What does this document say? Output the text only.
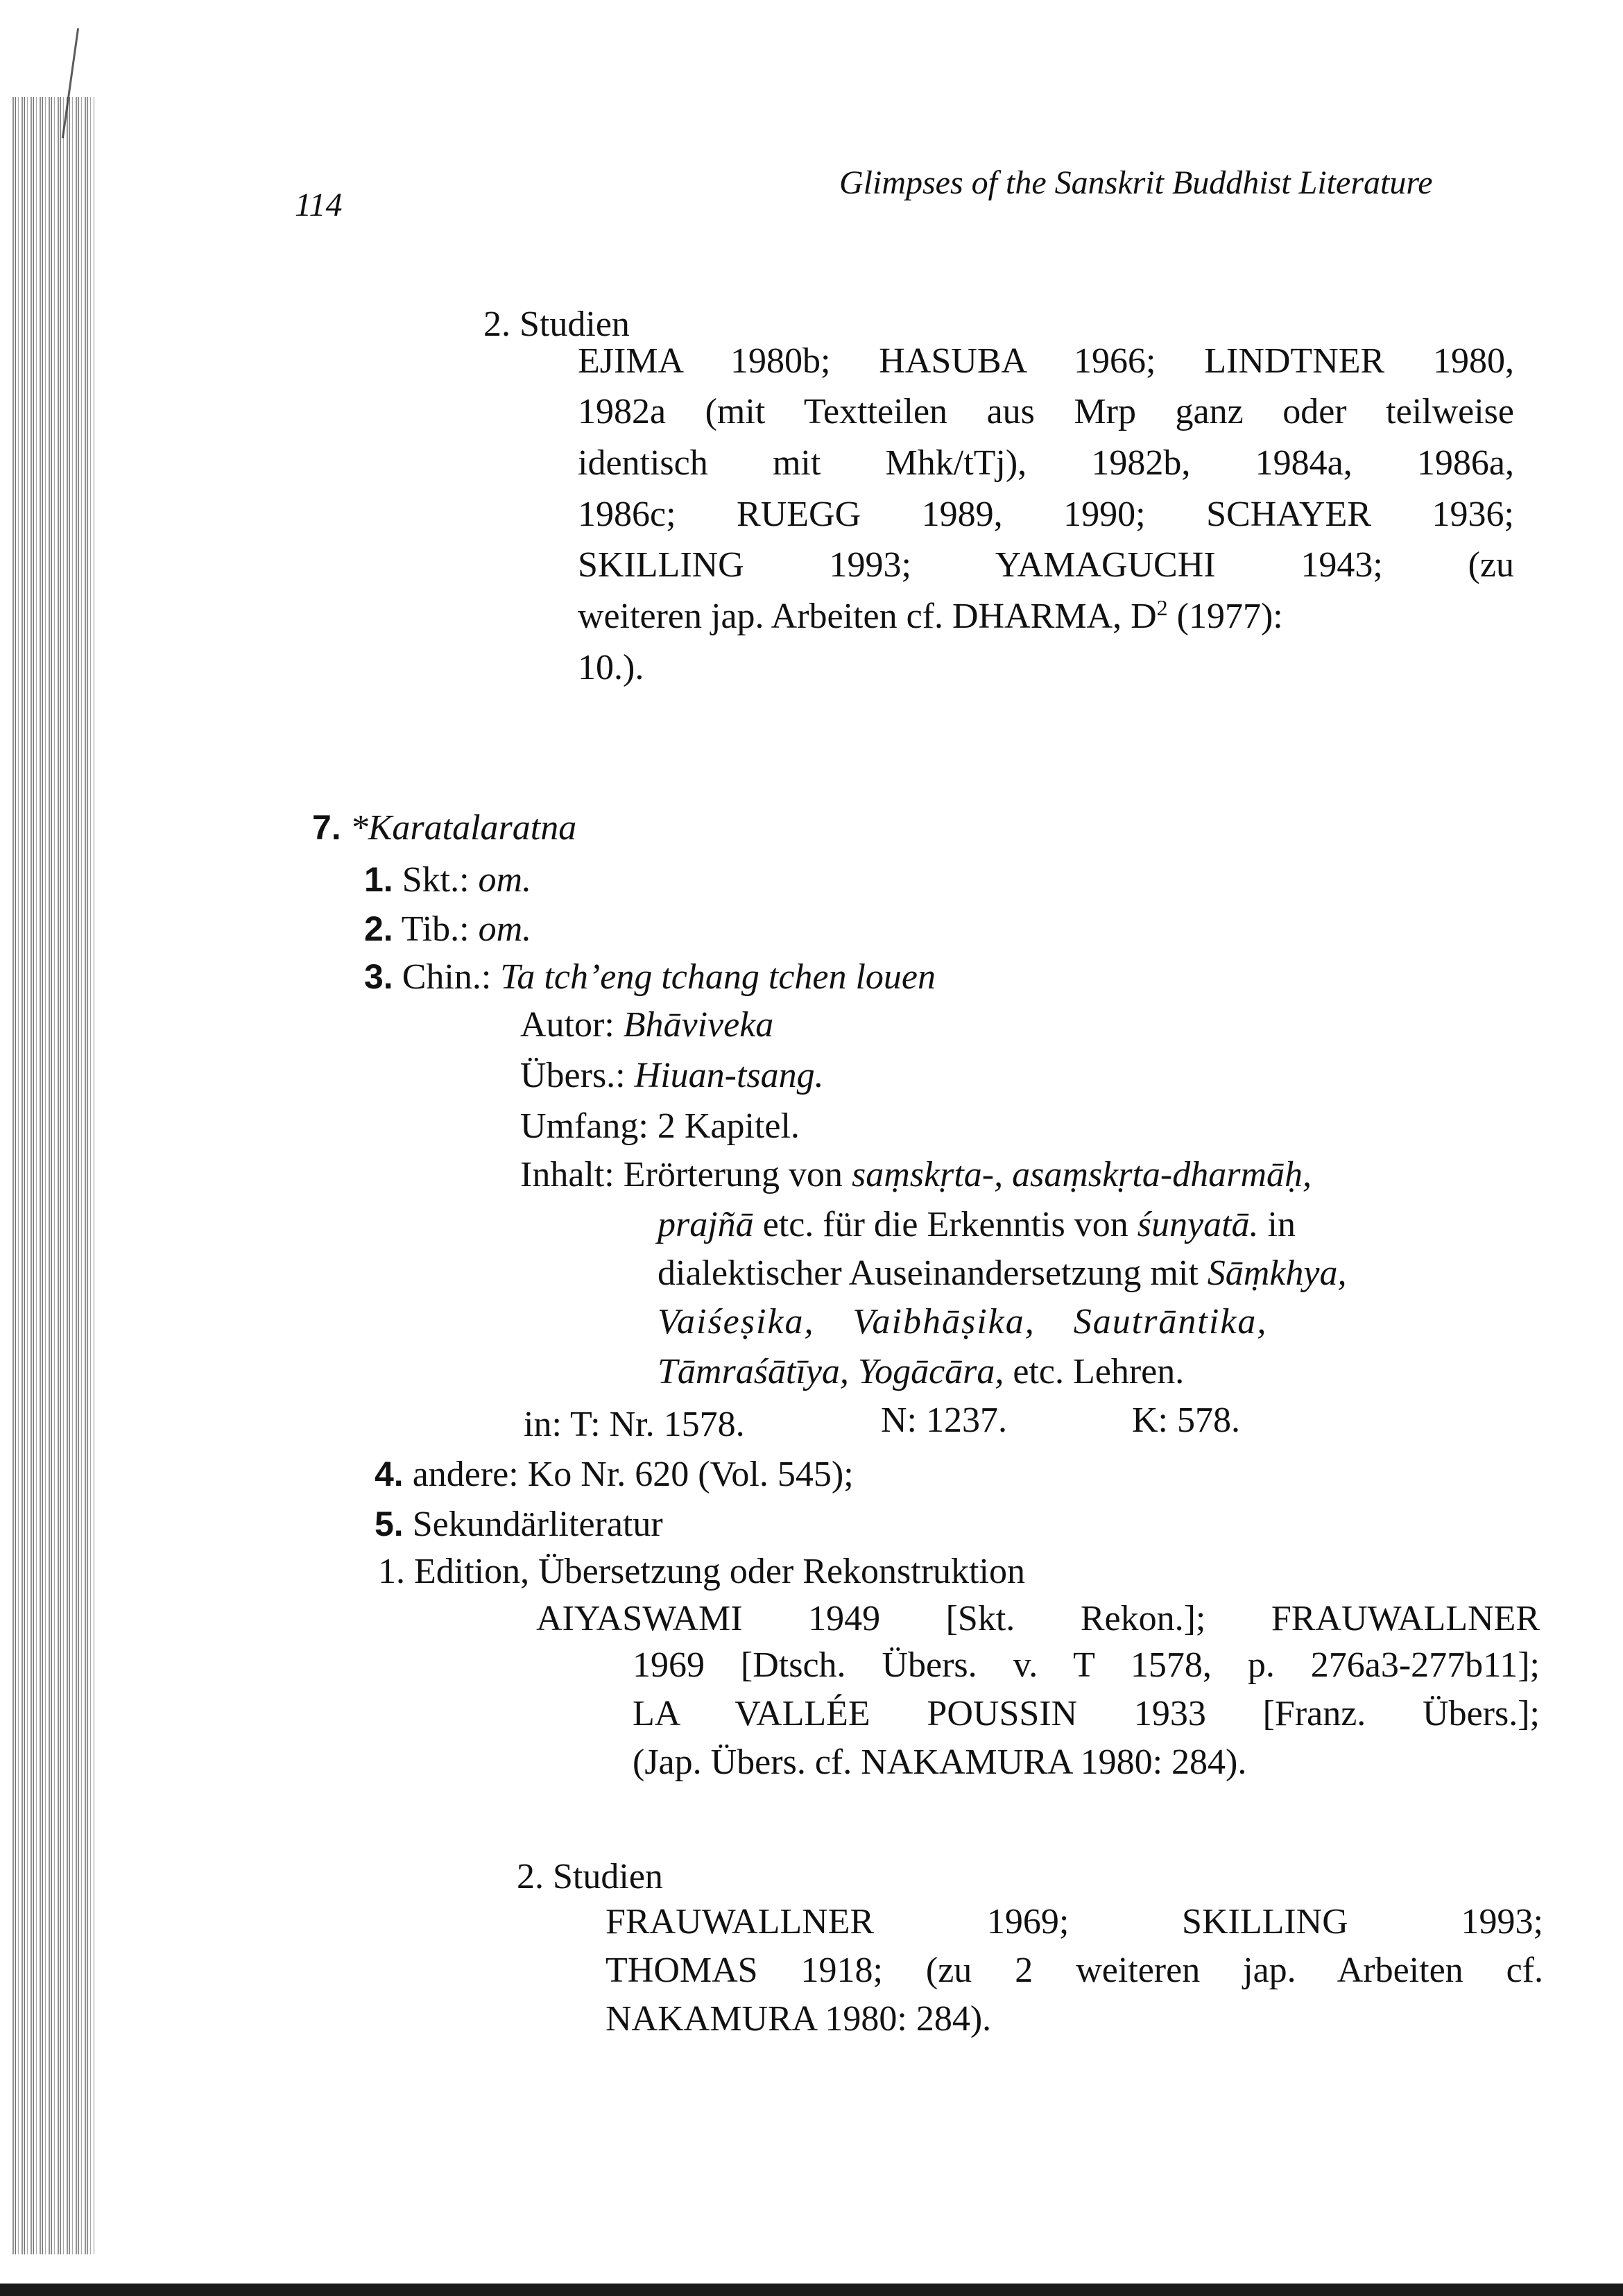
114
Glimpses of the Sanskrit Buddhist Literature
2. Studien
EJIMA 1980b; HASUBA 1966; LINDTNER 1980,
1982a (mit Textteilen aus Mrp ganz oder teilweise
identisch mit Mhk/tTj), 1982b, 1984a, 1986a,
1986c; RUEGG 1989, 1990; SCHAYER 1936;
SKILLING 1993; YAMAGUCHI 1943; (zu
weiteren jap. Arbeiten cf. DHARMA, $D^2$ (1977):
10.).
7. *Karatalaratna
1. Skt.: om.
2. Tib.: om.
3. Chin.: Ta tch’eng tchang tchen louen
Autor: Bhāviveka
Übers.: Hiuan-tsang.
Umfang: 2 Kapitel.
Inhalt: Erörterung von saṃskṛta-, asaṃskṛta-dharmāḥ,
prajñā etc. für die Erkenntis von śunyatā. in
dialektischer Auseinandersetzung mit Sāṃkhya,
Vaiśeṣika, Vaibhāṣika, Sautrāntika,
Tāmraśātīya, Yogācāra, etc. Lehren.
in: T: Nr. 1578.	N: 1237.	K: 578.
4. andere: Ko Nr. 620 (Vol. 545);
5. Sekundärliteratur
1. Edition, Übersetzung oder Rekonstruktion
AIYASWAMI 1949 [Skt. Rekon.]; FRAUWALLNER
1969 [Dtsch. Übers. v. T 1578, p. 276a3-277b11];
LA VALLÉE POUSSIN 1933 [Franz. Übers.];
(Jap. Übers. cf. NAKAMURA 1980: 284).
2. Studien
FRAUWALLNER 1969; SKILLING 1993;
THOMAS 1918; (zu 2 weiteren jap. Arbeiten cf.
NAKAMURA 1980: 284).
